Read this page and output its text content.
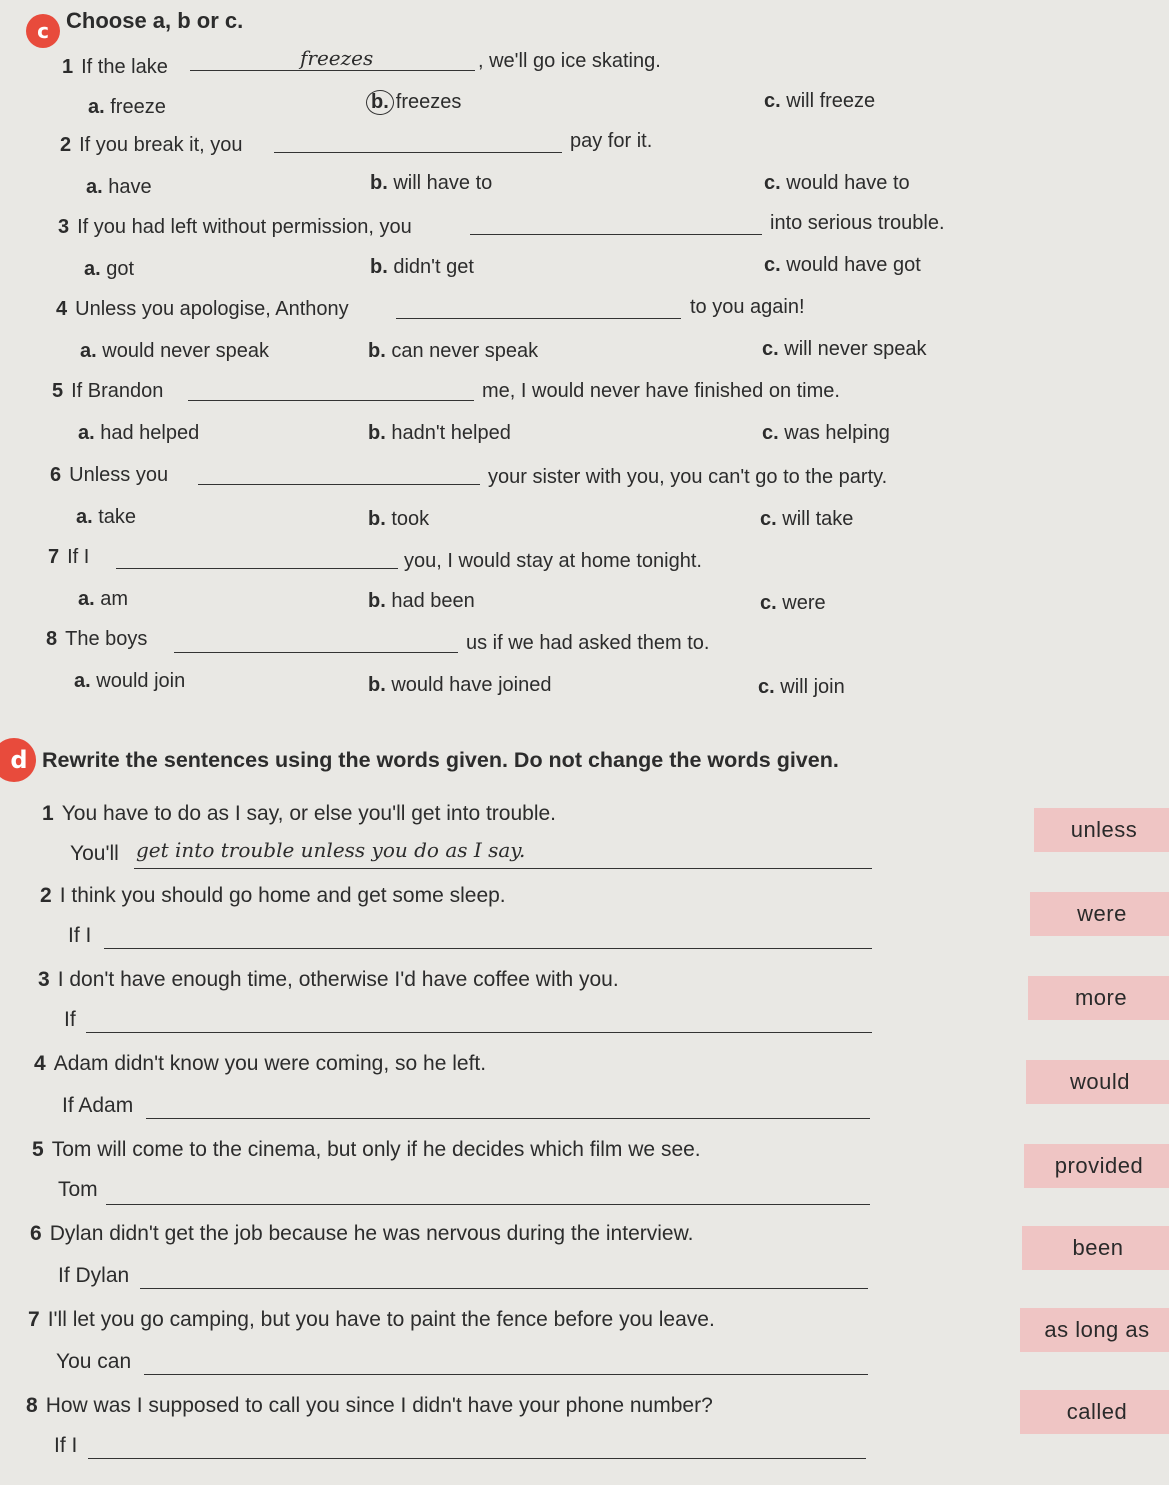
c Choose a, b or c.
1 If the lake	freezes	, we'll go ice skating.
a. freeze	b. freezes	c. will freeze
2 If you break it, you	pay for it.
a. have	b. will have to	c. would have to
3 If you had left without permission, you	into serious trouble.
a. got	b. didn't get	c. would have got
4 Unless you apologise, Anthony	to you again!
a. would never speak	b. can never speak	c. will never speak
5 If Brandon	me, I would never have finished on time.
a. had helped	b. hadn't helped	c. was helping
6 Unless you	your sister with you, you can't go to the party.
a. take	b. took	c. will take
7 If I	you, I would stay at home tonight.
a. am	b. had been	c. were
8 The boys	us if we had asked them to.
a. would join	b. would have joined	c. will join
d Rewrite the sentences using the words given. Do not change the words given.
1 You have to do as I say, or else you'll get into trouble.
You'll get into trouble unless you do as I say.
unless
2 I think you should go home and get some sleep.
If I
were
3 I don't have enough time, otherwise I'd have coffee with you.
If
more
4 Adam didn't know you were coming, so he left.
If Adam
would
5 Tom will come to the cinema, but only if he decides which film we see.
Tom
provided
6 Dylan didn't get the job because he was nervous during the interview.
If Dylan
been
7 I'll let you go camping, but you have to paint the fence before you leave.
You can
as long as
8 How was I supposed to call you since I didn't have your phone number?
If I
called
